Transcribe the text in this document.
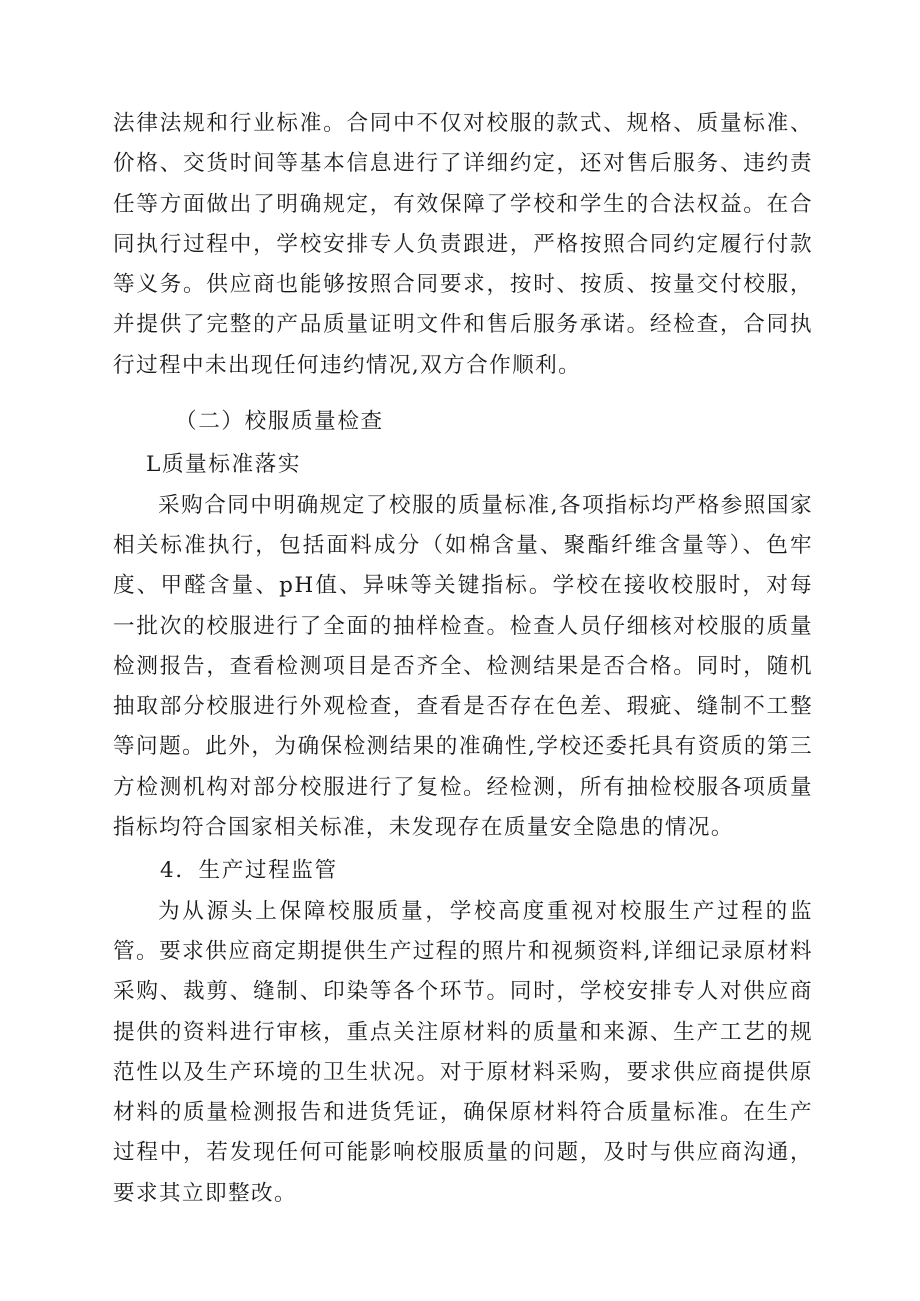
法律法规和行业标准。合同中不仅对校服的款式、规格、质量标准、价格、交货时间等基本信息进行了详细约定，还对售后服务、违约责任等方面做出了明确规定，有效保障了学校和学生的合法权益。在合同执行过程中，学校安排专人负责跟进，严格按照合同约定履行付款等义务。供应商也能够按照合同要求，按时、按质、按量交付校服，并提供了完整的产品质量证明文件和售后服务承诺。经检查，合同执行过程中未出现任何违约情况,双方合作顺利。

（二）校服质量检查

L质量标准落实

采购合同中明确规定了校服的质量标准,各项指标均严格参照国家相关标准执行，包括面料成分（如棉含量、聚酯纤维含量等）、色牢度、甲醛含量、pH值、异味等关键指标。学校在接收校服时，对每一批次的校服进行了全面的抽样检查。检查人员仔细核对校服的质量检测报告，查看检测项目是否齐全、检测结果是否合格。同时，随机抽取部分校服进行外观检查，查看是否存在色差、瑕疵、缝制不工整等问题。此外，为确保检测结果的准确性,学校还委托具有资质的第三方检测机构对部分校服进行了复检。经检测，所有抽检校服各项质量指标均符合国家相关标准，未发现存在质量安全隐患的情况。

4．生产过程监管

为从源头上保障校服质量，学校高度重视对校服生产过程的监管。要求供应商定期提供生产过程的照片和视频资料,详细记录原材料采购、裁剪、缝制、印染等各个环节。同时，学校安排专人对供应商提供的资料进行审核，重点关注原材料的质量和来源、生产工艺的规范性以及生产环境的卫生状况。对于原材料采购，要求供应商提供原材料的质量检测报告和进货凭证，确保原材料符合质量标准。在生产过程中，若发现任何可能影响校服质量的问题，及时与供应商沟通，要求其立即整改。
